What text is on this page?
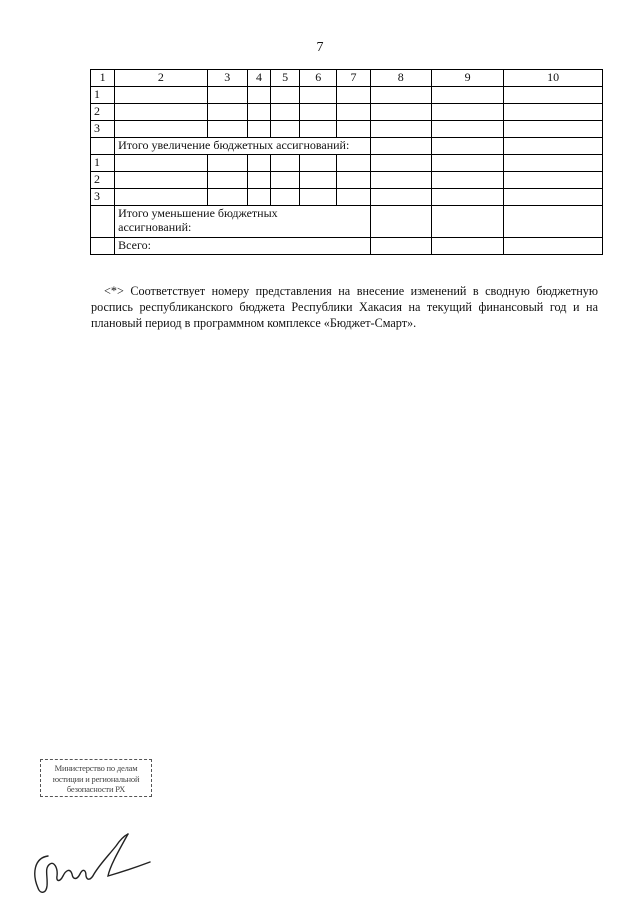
7
1	2	3	4	5	6	7	8	9	10
1									
2									
3									
	Итого увеличение бюджетных ассигнований:								
1									
2									
3									

	Итого уменьшение бюджетных ассигнований:								

	Всего:								
<*> Соответствует номеру представления на внесение изменений в сводную бюджетную роспись республиканского бюджета Республики Хакасия на текущий финансовый год и на плановый период в программном комплексе «Бюджет-Смарт».
Министерство по делам
юстиции и региональной
безопасности РХ
